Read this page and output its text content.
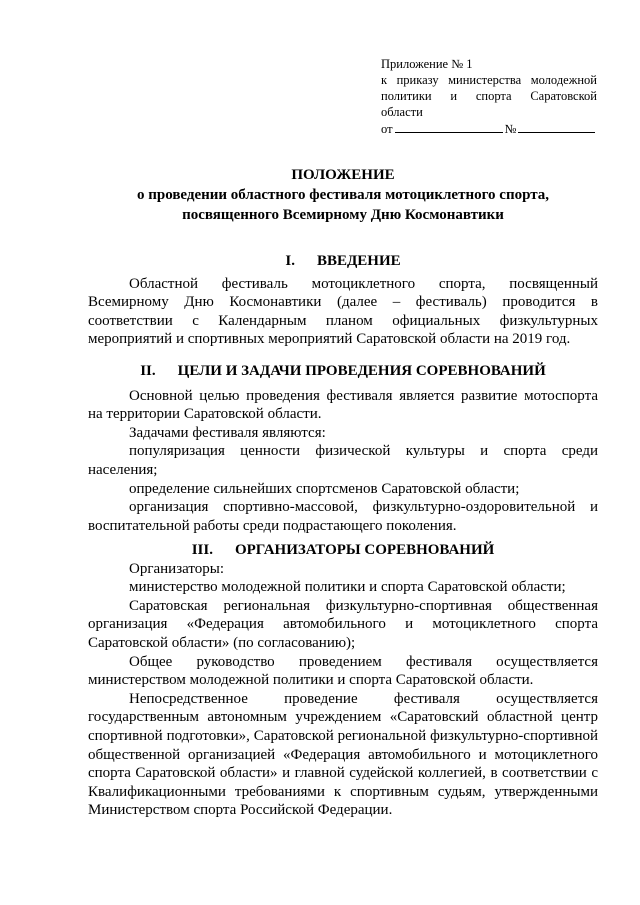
Приложение № 1
к приказу министерства молодежной
политики и спорта Саратовской
области
от	№
ПОЛОЖЕНИЕ
о проведении областного фестиваля мотоциклетного спорта,
посвященного Всемирному Дню Космонавтики

I. ВВЕДЕНИЕ

Областной фестиваль мотоциклетного спорта, посвященный Всемирному Дню Космонавтики (далее – фестиваль) проводится в соответствии с Календарным планом официальных физкультурных мероприятий и спортивных мероприятий Саратовской области на 2019 год.

II. ЦЕЛИ И ЗАДАЧИ ПРОВЕДЕНИЯ СОРЕВНОВАНИЙ

Основной целью проведения фестиваля является развитие мотоспорта на территории Саратовской области.

Задачами фестиваля являются:

популяризация ценности физической культуры и спорта среди населения;

определение сильнейших спортсменов Саратовской области;

организация спортивно-массовой, физкультурно-оздоровительной и воспитательной работы среди подрастающего поколения.

III. ОРГАНИЗАТОРЫ СОРЕВНОВАНИЙ

Организаторы:

министерство молодежной политики и спорта Саратовской области;

Саратовская региональная физкультурно-спортивная общественная организация «Федерация автомобильного и мотоциклетного спорта Саратовской области» (по согласованию);

Общее руководство проведением фестиваля осуществляется министерством молодежной политики и спорта Саратовской области.

Непосредственное проведение фестиваля осуществляется государственным автономным учреждением «Саратовский областной центр спортивной подготовки», Саратовской региональной физкультурно-спортивной общественной организацией «Федерация автомобильного и мотоциклетного спорта Саратовской области» и главной судейской коллегией, в соответствии с Квалификационными требованиями к спортивным судьям, утвержденными Министерством спорта Российской Федерации.
